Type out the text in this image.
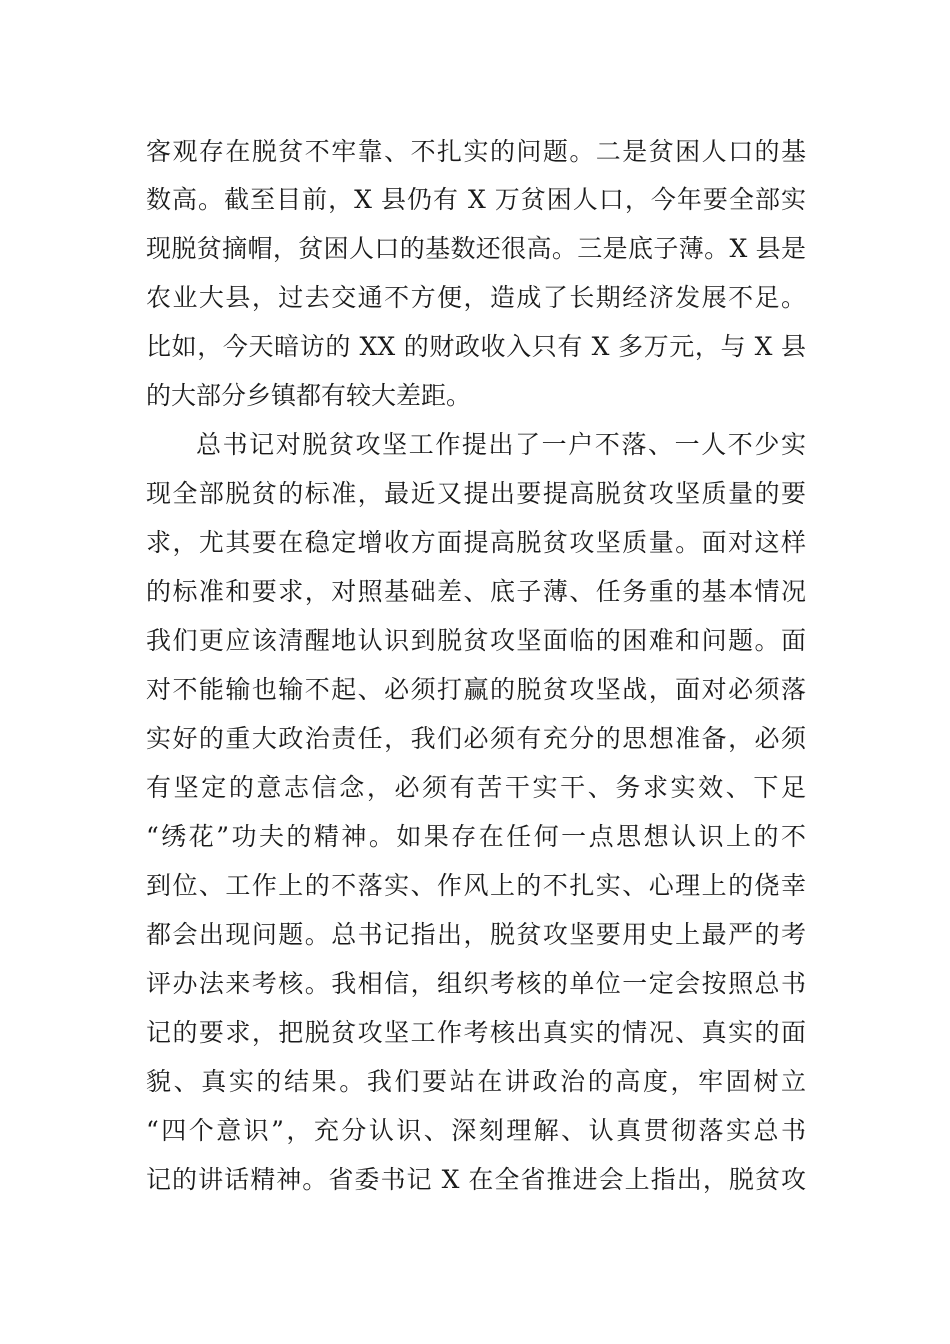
客观存在脱贫不牢靠、不扎实的问题。二是贫困人口的基
数高。截至目前，X 县仍有 X 万贫困人口，今年要全部实
现脱贫摘帽，贫困人口的基数还很高。三是底子薄。X 县是
农业大县，过去交通不方便，造成了长期经济发展不足。
比如，今天暗访的 XX 的财政收入只有 X 多万元，与 X 县
的大部分乡镇都有较大差距。
总书记对脱贫攻坚工作提出了一户不落、一人不少实
现全部脱贫的标准，最近又提出要提高脱贫攻坚质量的要
求，尤其要在稳定增收方面提高脱贫攻坚质量。面对这样
的标准和要求，对照基础差、底子薄、任务重的基本情况
我们更应该清醒地认识到脱贫攻坚面临的困难和问题。面
对不能输也输不起、必须打赢的脱贫攻坚战，面对必须落
实好的重大政治责任，我们必须有充分的思想准备，必须
有坚定的意志信念，必须有苦干实干、务求实效、下足
“绣花”功夫的精神。如果存在任何一点思想认识上的不
到位、工作上的不落实、作风上的不扎实、心理上的侥幸
都会出现问题。总书记指出，脱贫攻坚要用史上最严的考
评办法来考核。我相信，组织考核的单位一定会按照总书
记的要求，把脱贫攻坚工作考核出真实的情况、真实的面
貌、真实的结果。我们要站在讲政治的高度，牢固树立
“四个意识”，充分认识、深刻理解、认真贯彻落实总书
记的讲话精神。省委书记 X 在全省推进会上指出，脱贫攻
